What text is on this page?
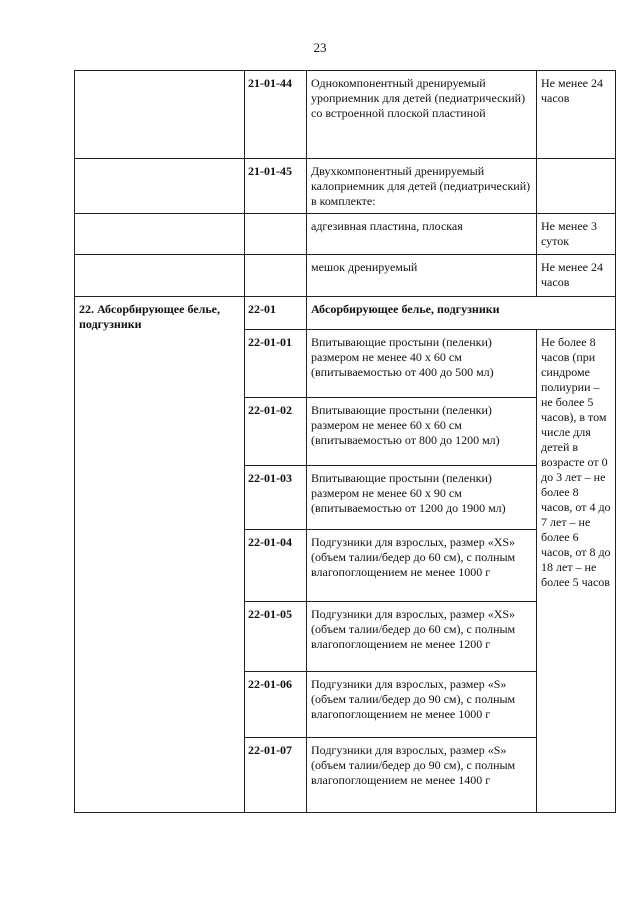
23
	21-01-44	Однокомпонентный дренируемый уроприемник для детей (педиатрический) со встроенной плоской пластиной	Не менее 24 часов
	21-01-45	Двухкомпонентный дренируемый калоприемник для детей (педиатрический) в комплекте:	
		адгезивная пластина, плоская	Не менее 3 суток
		мешок дренируемый	Не менее 24 часов
22. Абсорбирующее белье, подгузники	22-01	Абсорбирующее белье, подгузники	
	22-01-01	Впитывающие простыни (пеленки) размером не менее 40 х 60 см (впитываемостью от 400 до 500 мл)	Не более 8 часов (при синдроме полиурии – не более 5 часов), в том числе для детей в возрасте от 0 до 3 лет – не более 8 часов, от 4 до 7 лет – не более 6 часов, от 8 до 18 лет – не более 5 часов
	22-01-02	Впитывающие простыни (пеленки) размером не менее 60 х 60 см (впитываемостью от 800 до 1200 мл)	
	22-01-03	Впитывающие простыни (пеленки) размером не менее 60 х 90 см (впитываемостью от 1200 до 1900 мл)	
	22-01-04	Подгузники для взрослых, размер «XS» (объем талии/бедер до 60 см), с полным влагопоглощением не менее 1000 г	
	22-01-05	Подгузники для взрослых, размер «XS» (объем талии/бедер до 60 см), с полным влагопоглощением не менее 1200 г	
	22-01-06	Подгузники для взрослых, размер «S» (объем талии/бедер до 90 см), с полным влагопоглощением не менее 1000 г	
	22-01-07	Подгузники для взрослых, размер «S» (объем талии/бедер до 90 см), с полным влагопоглощением не менее 1400 г	
